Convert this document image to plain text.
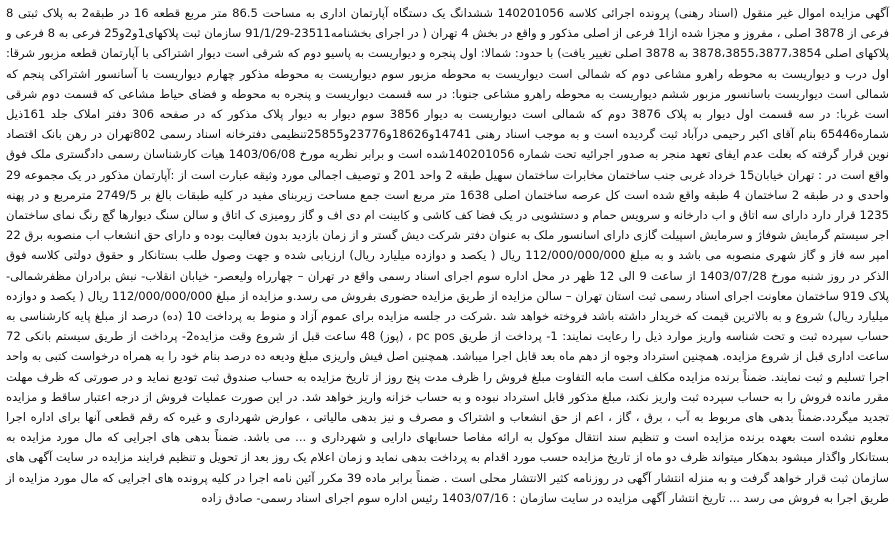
آگهی مزایده اموال غیر منقول (اسناد رهنی) پرونده اجرائی کلاسه 140201056 ششدانگ یک دستگاه آپارتمان اداری به مساحت 86.5 متر مربع قطعه 16 در طبقه2 به پلاک ثبتی 8 فرعی از 3878 اصلی ، مفروز و مجزا شده ازا1 فرعی از اصلی مذکور و واقع در بخش 4 تهران ( در اجرای بخشنامه23511-91/1/29 سازمان ثبت پلاکهای1و2و25 فرعی به 8 فرعی و پلاکهای اصلی 3878،3855،3877،3854 به 3878 اصلی تغییر یافت) با حدود: شمالا: اول پنجره و دیواریست به پاسیو دوم که شرقی است دیوار اشتراکی با آپارتمان قطعه مزبور شرقا: اول درب و دیواریست به محوطه راهرو مشاعی دوم که شمالی است دیواریست به محوطه مزبور سوم دیواریست به محوطه مذکور چهارم دیواریست با آسانسور اشتراکی پنجم که شمالی است دیواریست باسانسور مزبور ششم دیواریست به محوطه راهرو مشاعی جنوبا: در سه قسمت دیواریست و پنجره به محوطه و فضای حیاط مشاعی که قسمت دوم شرقی است غربا: در سه قسمت اول دیوار به پلاک 3876 دوم که شمالی است دیواریست به دیوار 3856 سوم دیوار به دیوار پلاک مذکور که در صفحه 306 دفتر املاک جلد 161ذیل شماره65446 بنام آقای اکبر رحیمی درآباد ثبت گردیده است و به موجب اسناد رهنی 14741و18626و23776و25855تنظیمی دفترخانه اسناد رسمی 802تهران در رهن بانک اقتصاد نوین قرار گرفته که بعلت عدم ایفای تعهد منجر به صدور اجرائیه تحت شماره 140201056شده است و برابر نظریه مورخ 1403/06/08 هیات کارشناسان رسمی دادگستری ملک فوق واقع است در : تهران خیابان15 خرداد غربی جنب ساختمان مخابرات ساختمان سهیل طبقه 2 واحد 201 و توصیف اجمالی مورد وثیقه عبارت است از :آپارتمان مذکور در یک مجموعه 29 واحدی و در طبقه 2 ساختمان 4 طبقه واقع شده است کل عرصه ساختمان اصلی 1638 متر مربع است جمع مساحت زیربنای مفید در کلیه طبقات بالغ بر 2749/5 مترمربع و در پهنه 1235 قرار دارد دارای سه اتاق و اب دارخانه و سرویس حمام و دستشویی در یک فضا کف کاشی و کابینت ام دی اف و گاز رومیزی ک اتاق و سالن سنگ دیوارها گچ رنگ نمای ساختمان اجر سیستم گرمایش شوفاژ و سرمایش اسپیلت گازی دارای اسانسور ملک به عنوان دفتر شرکت دیش گستر و از زمان بازدید بدون فعالیت بوده و دارای حق انشعاب اب منصوبه برق 22 امپر سه فاز و گاز شهری منصوبه می باشد و به مبلغ 112/000/000/000 ریال ( یکصد و دوازده میلیارد ریال) ارزیابی شده و جهت وصول طلب بستانکار و حقوق دولتی کلاسه فوق الذکر در روز شنبه مورخ 1403/07/28 از ساعت 9 الی 12 ظهر در محل اداره سوم اجرای اسناد رسمی واقع در تهران – چهارراه ولیعصر- خیابان انقلاب- نبش برادران مظفرشمالی- پلاک 919 ساختمان معاونت اجرای اسناد رسمی ثبت استان تهران – سالن مزایده از طریق مزایده حضوری بفروش می رسد.و مزایده از مبلغ 112/000/000/000 ریال ( یکصد و دوازده میلیارد ریال) شروع و به بالاترین قیمت که خریدار داشته باشد فروخته خواهد شد .شرکت در جلسه مزایده برای عموم آزاد و منوط به پرداخت 10 (ده) درصد از مبلغ پایه کارشناسی به حساب سپرده ثبت و تحت شناسه واریز موارد ذیل را رعایت نمایند: 1- پرداخت از طریق pc pos ، (پوز) 48 ساعت قبل از شروع وقت مزایده2- پرداخت از طریق سیستم بانکی 72 ساعت اداری قبل از شروع مزایده. همچنین استرداد وجوه از دهم ماه بعد قابل اجرا میباشد. همچنین اصل فیش واریزی مبلغ ودیعه ده درصد بنام خود را به همراه درخواست کتبی به واحد اجرا تسلیم و ثبت نمایند. ضمناً برنده مزایده مکلف است مابه التفاوت مبلغ فروش را ظرف مدت پنج روز از تاریخ مزایده به حساب صندوق ثبت تودیع نماید و در صورتی که ظرف مهلت مقرر مانده فروش را به حساب سپرده ثبت واریز نکند، مبلغ مذکور قابل استرداد نبوده و به حساب خزانه واریز خواهد شد. در این صورت عملیات فروش از درجه اعتبار ساقط و مزایده تجدید میگردد.ضمناً بدهی های مربوط به آب ، برق ، گاز ، اعم از حق انشعاب و اشتراک و مصرف و نیز بدهی مالیاتی ، عوارض شهرداری و غیره که رقم قطعی آنها برای اداره اجرا معلوم نشده است بعهده برنده مزایده است و تنظیم سند انتقال موکول به ارائه مفاصا حسابهای دارایی و شهرداری و ... می باشد. ضمناً بدهی های اجرایی که مال مورد مزایده به بستانکار واگذار میشود بدهکار میتواند ظرف دو ماه از تاریخ مزایده حسب مورد اقدام به پرداخت بدهی نماید و زمان اعلام یک روز بعد از تحویل و تنظیم فرایند مزایده در سایت آگهی های سازمان ثبت قرار خواهد گرفت و به منزله انتشار آگهی در روزنامه کثیر الانتشار محلی است . ضمناً برابر ماده 39 مکرر آئین نامه اجرا در کلیه پرونده های اجرایی که مال مورد مزایده از طریق اجرا به فروش می رسد ... تاریخ انتشار آگهی مزایده در سایت سازمان : 1403/07/16 رئیس اداره سوم اجرای اسناد رسمی- صادق زاده
